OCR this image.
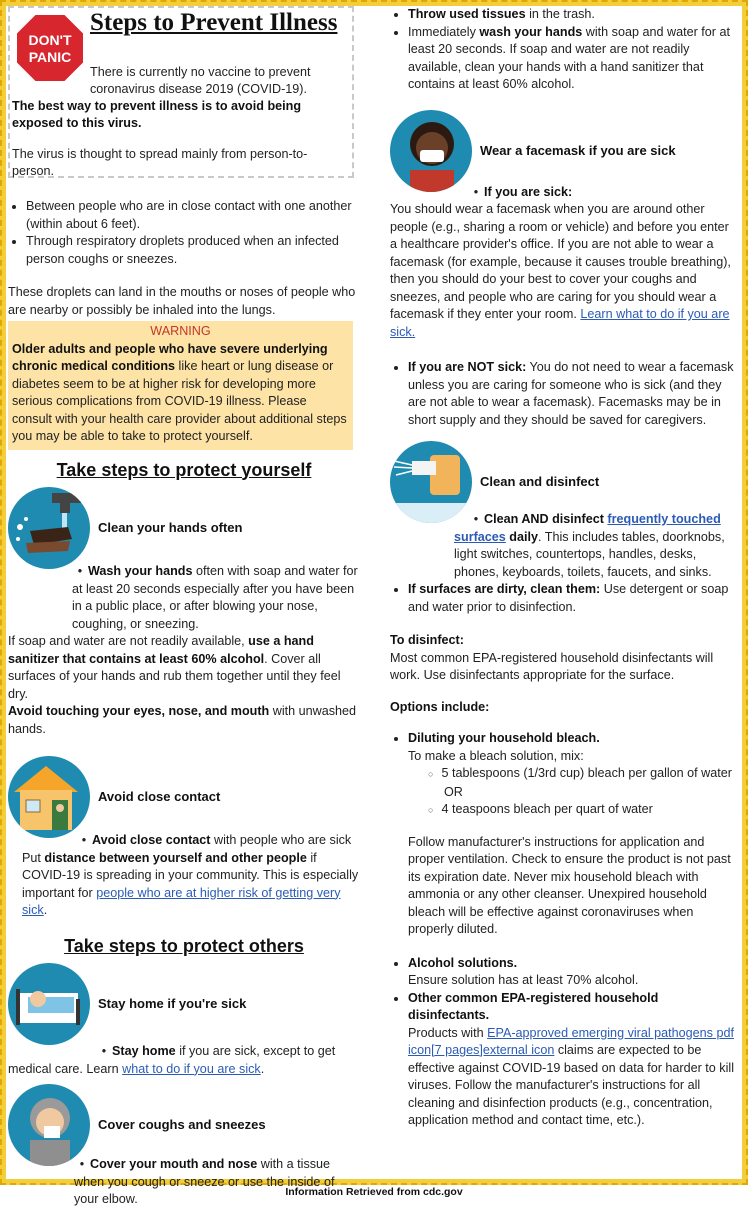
DON'T
PANIC
Steps to Prevent Illness
There is currently no vaccine to prevent coronavirus disease 2019 (COVID-19).

The best way to prevent illness is to avoid being exposed to this virus.

The virus is thought to spread mainly from person-to-person.

• Between people who are in close contact with one another (within about 6 feet).
• Through respiratory droplets produced when an infected person coughs or sneezes.

These droplets can land in the mouths or noses of people who are nearby or possibly be inhaled into the lungs.

WARNING

Older adults and people who have severe underlying chronic medical conditions like heart or lung disease or diabetes seem to be at higher risk for developing more serious complications from COVID-19 illness. Please consult with your health care provider about additional steps you may be able to take to protect yourself.

Take steps to protect yourself
Clean your hands often

• Wash your hands often with soap and water for at least 20 seconds especially after you have been in a public place, or after blowing your nose, coughing, or sneezing.

If soap and water are not readily available, use a hand sanitizer that contains at least 60% alcohol. Cover all surfaces of your hands and rub them together until they feel dry.

Avoid touching your eyes, nose, and mouth with unwashed hands.

Avoid close contact

• Avoid close contact with people who are sick

Put distance between yourself and other people if COVID-19 is spreading in your community. This is especially important for people who are at higher risk of getting very sick.

Take steps to protect others
Stay home if you're sick

• Stay home if you are sick, except to get medical care. Learn what to do if you are sick.

Cover coughs and sneezes

• Cover your mouth and nose with a tissue when you cough or sneeze or use the inside of your elbow.

• Throw used tissues in the trash.
• Immediately wash your hands with soap and water for at least 20 seconds. If soap and water are not readily available, clean your hands with a hand sanitizer that contains at least 60% alcohol.
Wear a facemask if you are sick

• If you are sick:

You should wear a facemask when you are around other people (e.g., sharing a room or vehicle) and before you enter a healthcare provider's office. If you are not able to wear a facemask (for example, because it causes trouble breathing), then you should do your best to cover your coughs and sneezes, and people who are caring for you should wear a facemask if they enter your room. Learn what to do if you are sick.

• If you are NOT sick: You do not need to wear a facemask unless you are caring for someone who is sick (and they are not able to wear a facemask). Facemasks may be in short supply and they should be saved for caregivers.
Clean and disinfect

• Clean AND disinfect frequently touched surfaces daily. This includes tables, doorknobs, light switches, countertops, handles, desks, phones, keyboards, toilets, faucets, and sinks.

• If surfaces are dirty, clean them: Use detergent or soap and water prior to disinfection.

To disinfect:

Most common EPA-registered household disinfectants will work. Use disinfectants appropriate for the surface.

Options include:

• Diluting your household bleach.
To make a bleach solution, mix:
○ 5 tablespoons (1/3rd cup) bleach per gallon of water
OR
○ 4 teaspoons bleach per quart of water

Follow manufacturer's instructions for application and proper ventilation. Check to ensure the product is not past its expiration date. Never mix household bleach with ammonia or any other cleanser. Unexpired household bleach will be effective against coronaviruses when properly diluted.

• Alcohol solutions.
Ensure solution has at least 70% alcohol.
• Other common EPA-registered household disinfectants.
Products with EPA-approved emerging viral pathogens pdf icon[7 pages]external icon claims are expected to be effective against COVID-19 based on data for harder to kill viruses. Follow the manufacturer's instructions for all cleaning and disinfection products (e.g., concentration, application method and contact time, etc.).
Information Retrieved from cdc.gov
